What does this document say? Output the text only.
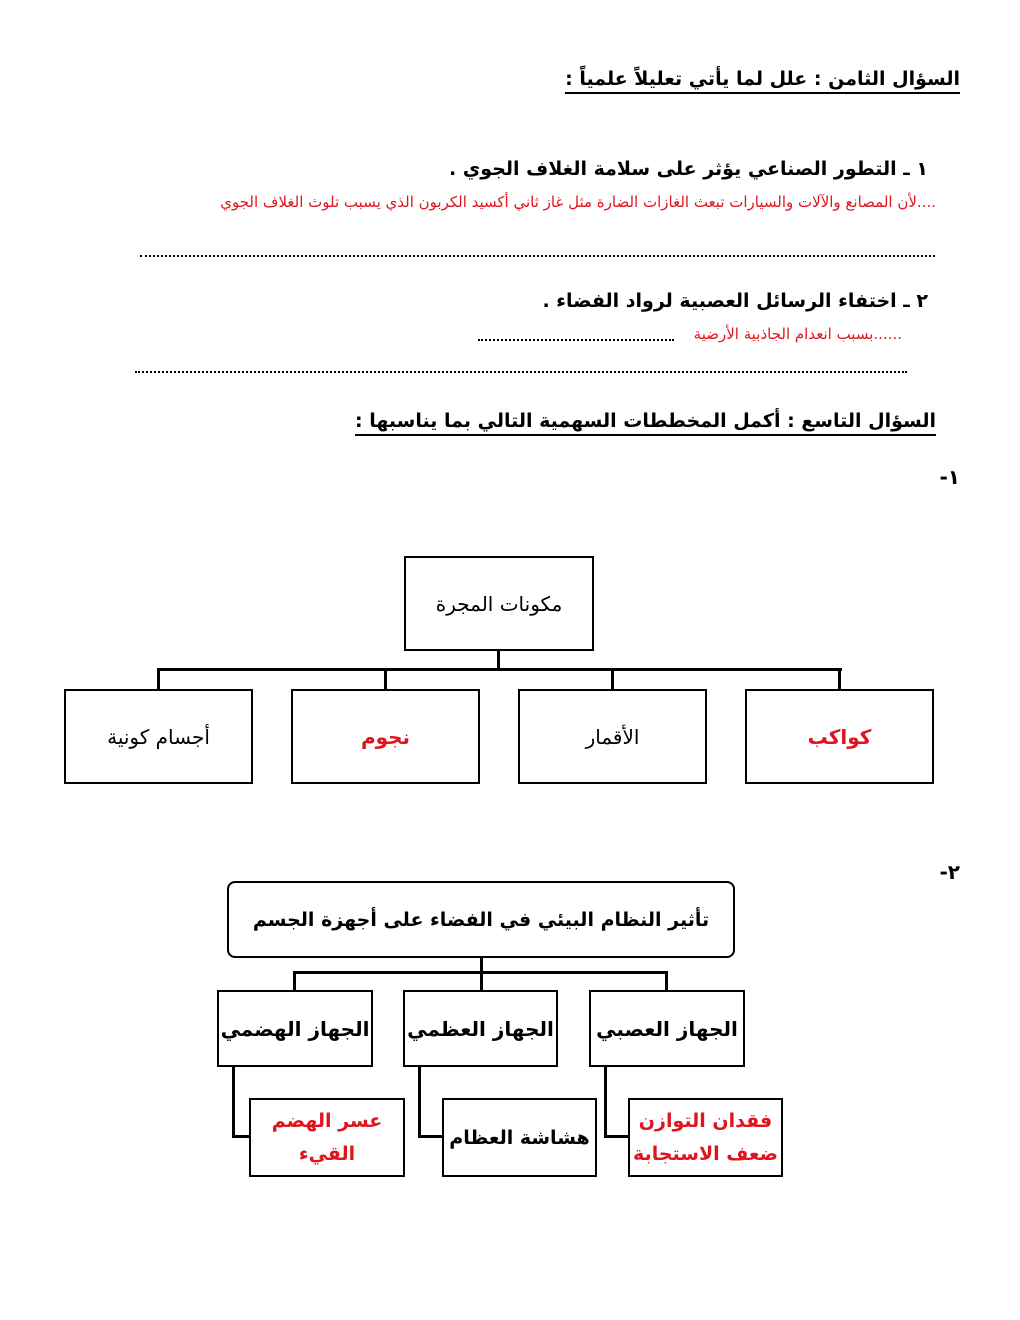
السؤال الثامن : علل لما يأتي تعليلاً علمياً :
١ ـ التطور الصناعي يؤثر على سلامة الغلاف الجوي .
....لأن المصانع والآلات والسيارات تبعث الغازات الضارة مثل غاز ثاني أكسيد الكربون الذي يسبب تلوث الغلاف الجوي
٢ ـ اختفاء الرسائل العصبية لرواد الفضاء .
......بسبب انعدام الجاذبية الأرضية
السؤال التاسع : أكمل المخططات السهمية التالي بما يناسبها :
١-
مكونات المجرة
كواكب
الأقمار
نجوم
أجسام كونية
٢-
تأثير النظام البيئي في الفضاء على أجهزة الجسم
الجهاز العصبي
الجهاز العظمي
الجهاز الهضمي
فقدان التوازن
ضعف الاستجابة
هشاشة العظام
عسر الهضم
القيء
